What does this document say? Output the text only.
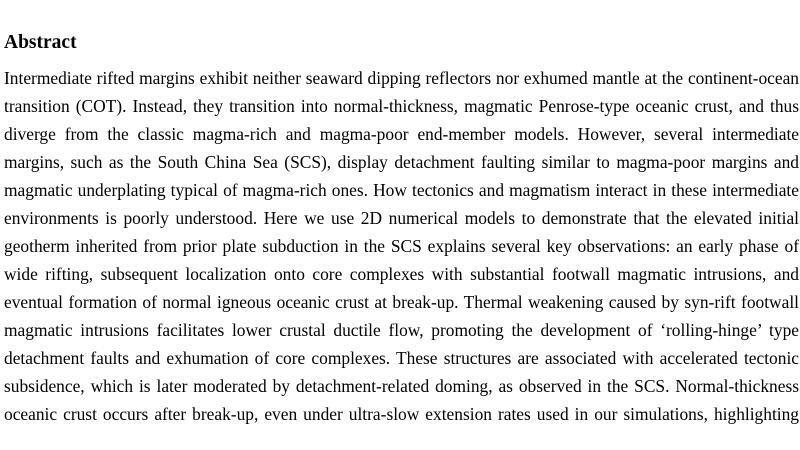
Abstract
Intermediate rifted margins exhibit neither seaward dipping reflectors nor exhumed mantle at the continent-ocean
transition (COT). Instead, they transition into normal-thickness, magmatic Penrose-type oceanic crust, and thus
diverge from the classic magma-rich and magma-poor end-member models. However, several intermediate
margins, such as the South China Sea (SCS), display detachment faulting similar to magma-poor margins and
magmatic underplating typical of magma-rich ones. How tectonics and magmatism interact in these intermediate
environments is poorly understood. Here we use 2D numerical models to demonstrate that the elevated initial
geotherm inherited from prior plate subduction in the SCS explains several key observations: an early phase of
wide rifting, subsequent localization onto core complexes with substantial footwall magmatic intrusions, and
eventual formation of normal igneous oceanic crust at break-up. Thermal weakening caused by syn-rift footwall
magmatic intrusions facilitates lower crustal ductile flow, promoting the development of ‘rolling-hinge’ type
detachment faults and exhumation of core complexes. These structures are associated with accelerated tectonic
subsidence, which is later moderated by detachment-related doming, as observed in the SCS. Normal-thickness
oceanic crust occurs after break-up, even under ultra-slow extension rates used in our simulations, highlighting
